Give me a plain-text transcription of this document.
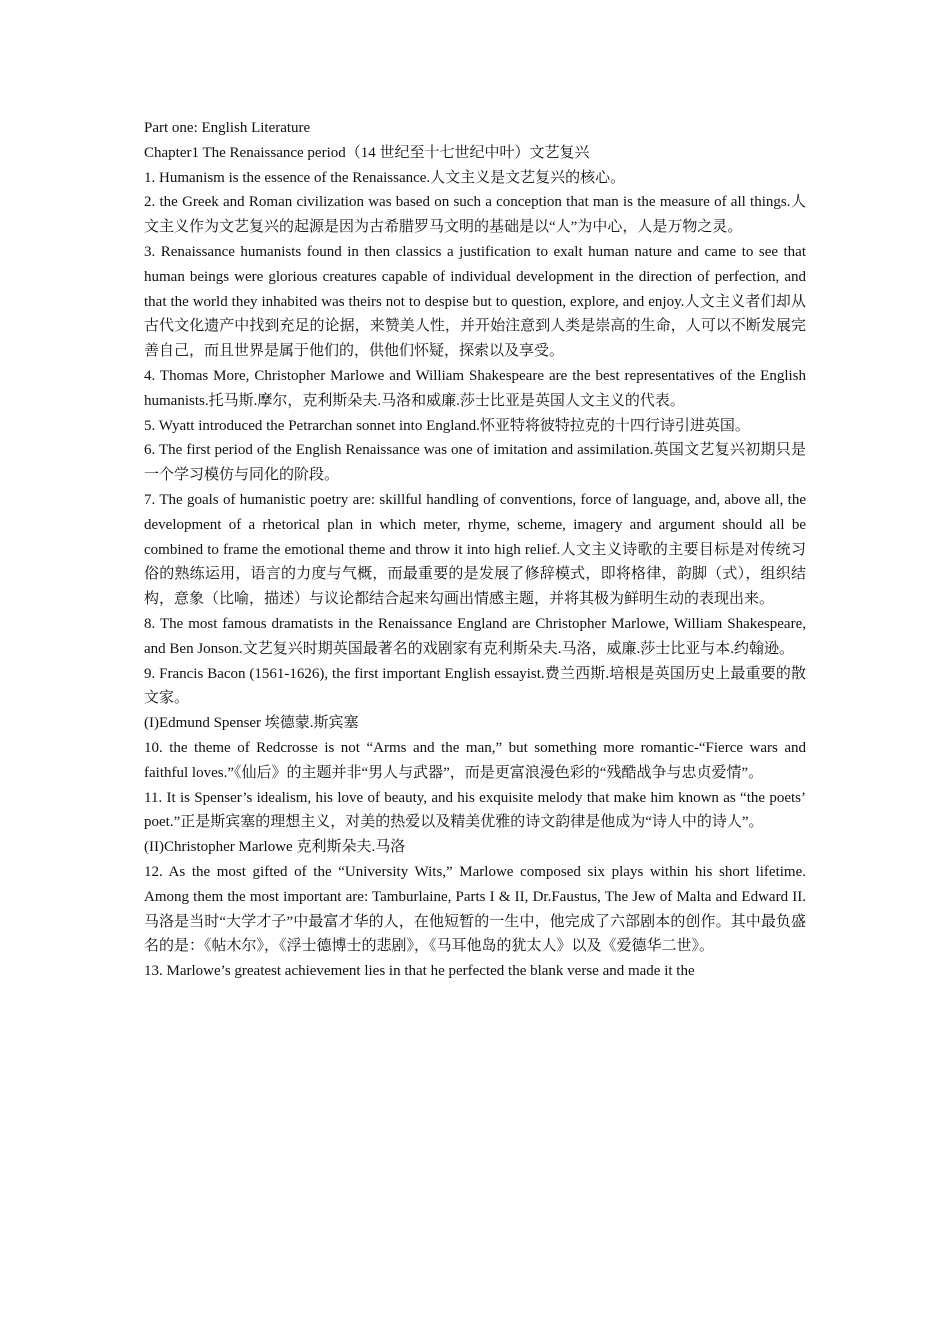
Part one: English Literature

Chapter1 The Renaissance period（14 世纪至十七世纪中叶）文艺复兴

1. Humanism is the essence of the Renaissance.人文主义是文艺复兴的核心。

2. the Greek and Roman civilization was based on such a conception that man is the measure of all things.人文主义作为文艺复兴的起源是因为古希腊罗马文明的基础是以“人”为中心，人是万物之灵。

3. Renaissance humanists found in then classics a justification to exalt human nature and came to see that human beings were glorious creatures capable of individual development in the direction of perfection, and that the world they inhabited was theirs not to despise but to question, explore, and enjoy.人文主义者们却从古代文化遗产中找到充足的论据，来赞美人性，并开始注意到人类是崇高的生命，人可以不断发展完善自己，而且世界是属于他们的，供他们怀疑，探索以及享受。

4. Thomas More, Christopher Marlowe and William Shakespeare are the best representatives of the English humanists.托马斯.摩尔，克利斯朵夫.马洛和威廉.莎士比亚是英国人文主义的代表。

5. Wyatt introduced the Petrarchan sonnet into England.怀亚特将彼特拉克的十四行诗引进英国。

6. The first period of the English Renaissance was one of imitation and assimilation.英国文艺复兴初期只是一个学习模仿与同化的阶段。

7. The goals of humanistic poetry are: skillful handling of conventions, force of language, and, above all, the development of a rhetorical plan in which meter, rhyme, scheme, imagery and argument should all be combined to frame the emotional theme and throw it into high relief.人文主义诗歌的主要目标是对传统习俗的熟练运用，语言的力度与气概，而最重要的是发展了修辞模式，即将格律，韵脚（式），组织结构，意象（比喻，描述）与议论都结合起来勾画出情感主题，并将其极为鲜明生动的表现出来。

8. The most famous dramatists in the Renaissance England are Christopher Marlowe, William Shakespeare, and Ben Jonson.文艺复兴时期英国最著名的戏剧家有克利斯朵夫.马洛，威廉.莎士比亚与本.约翰逊。

9. Francis Bacon (1561-1626), the first important English essayist.费兰西斯.培根是英国历史上最重要的散文家。

(I)Edmund Spenser 埃德蒙.斯宾塞

10. the theme of Redcrosse is not “Arms and the man,” but something more romantic-“Fierce wars and faithful loves.”《仙后》的主题并非“男人与武器”，而是更富浪漫色彩的“残酷战争与忠贞爱情”。

11. It is Spenser’s idealism, his love of beauty, and his exquisite melody that make him known as “the poets’ poet.”正是斯宾塞的理想主义，对美的热爱以及精美优雅的诗文韵律是他成为“诗人中的诗人”。

(II)Christopher Marlowe 克利斯朵夫.马洛

12. As the most gifted of the “University Wits,” Marlowe composed six plays within his short lifetime. Among them the most important are: Tamburlaine, Parts I & II, Dr.Faustus, The Jew of Malta and Edward II.马洛是当时“大学才子”中最富才华的人，在他短暂的一生中，他完成了六部剧本的创作。其中最负盛名的是：《帖木尔》，《浮士德博士的悲剧》，《马耳他岛的犹太人》以及《爱德华二世》。

13. Marlowe’s greatest achievement lies in that he perfected the blank verse and made it the
